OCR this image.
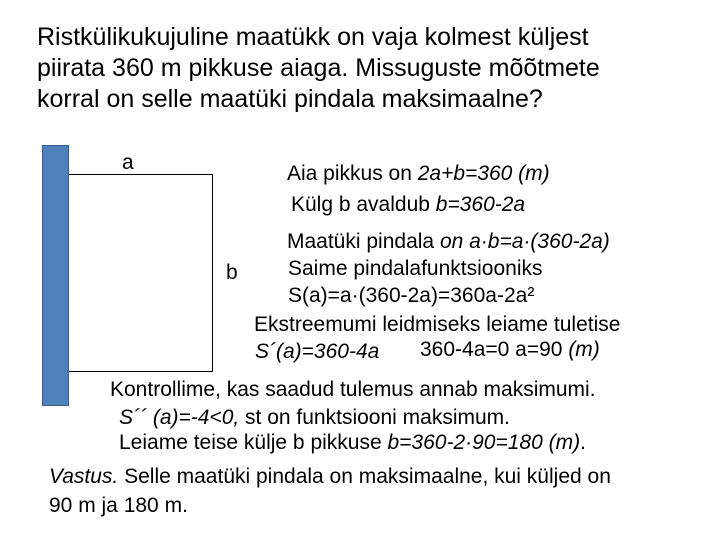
Ristkülikukujuline maatükk on vaja kolmest küljest
piirata 360 m pikkuse aiaga. Missuguste mõõtmete
korral on selle maatüki pindala maksimaalne?
a
b
Aia pikkus on 2a+b=360 (m)
Külg b avaldub b=360-2a
Maatüki pindala on a·b=a·(360-2a)
Saime pindalafunktsiooniks
S(a)=a·(360-2a)=360a-2a²
Ekstreemumi leidmiseks leiame tuletise
S´(a)=360-4a 360-4a=0 a=90 (m)
Kontrollime, kas saadud tulemus annab maksimumi.
S´´ (a)=-4<0, st on funktsiooni maksimum.
Leiame teise külje b pikkuse b=360-2·90=180 (m).
Vastus. Selle maatüki pindala on maksimaalne, kui küljed on
90 m ja 180 m.
